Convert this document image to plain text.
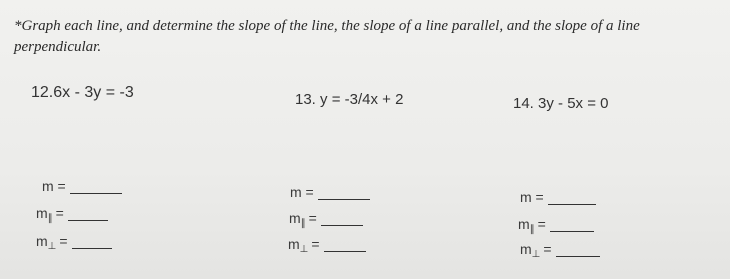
*Graph each line, and determine the slope of the line, the slope of a line parallel, and the slope of a line perpendicular.
12.6x - 3y = -3	13. y = -3/4x + 2	14. 3y - 5x = 0
m =
m ∥ =
m ⊥ =
m =
m ∥ =
m ⊥ =
m =
m ∥ =
m ⊥ =
